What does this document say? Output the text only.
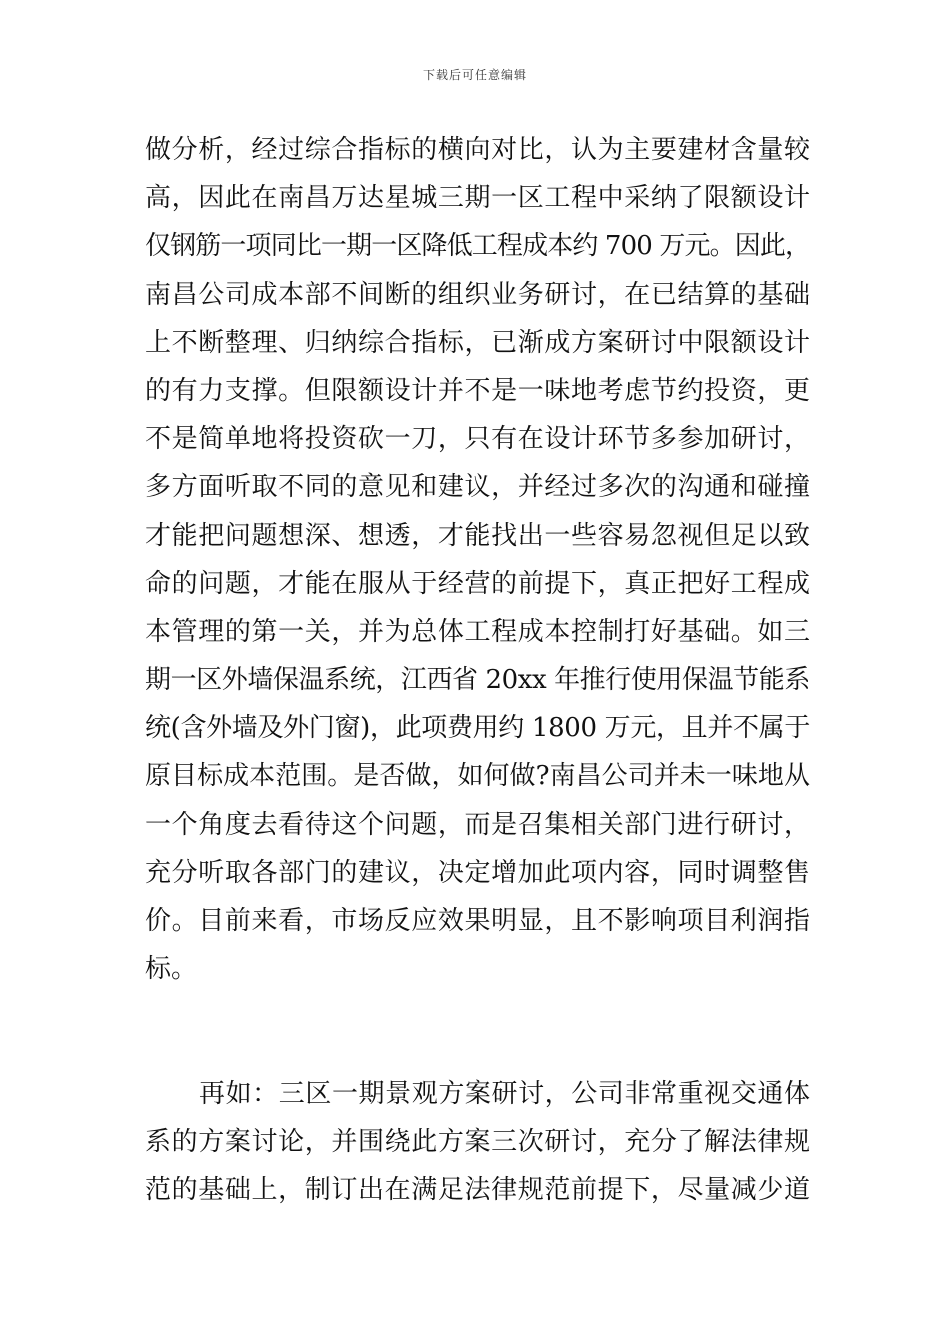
下载后可任意编辑
做分析，经过综合指标的横向对比，认为主要建材含量较
高，因此在南昌万达星城三期一区工程中采纳了限额设计
仅钢筋一项同比一期一区降低工程成本约 700 万元。因此，
南昌公司成本部不间断的组织业务研讨，在已结算的基础
上不断整理、归纳综合指标，已渐成方案研讨中限额设计
的有力支撑。但限额设计并不是一味地考虑节约投资，更
不是简单地将投资砍一刀，只有在设计环节多参加研讨，
多方面听取不同的意见和建议，并经过多次的沟通和碰撞
才能把问题想深、想透，才能找出一些容易忽视但足以致
命的问题，才能在服从于经营的前提下，真正把好工程成
本管理的第一关，并为总体工程成本控制打好基础。如三
期一区外墙保温系统，江西省 20xx 年推行使用保温节能系
统(含外墙及外门窗)，此项费用约 1800 万元，且并不属于
原目标成本范围。是否做，如何做?南昌公司并未一味地从
一个角度去看待这个问题，而是召集相关部门进行研讨，
充分听取各部门的建议，决定增加此项内容，同时调整售
价。目前来看，市场反应效果明显，且不影响项目利润指
标。
再如：三区一期景观方案研讨，公司非常重视交通体
系的方案讨论，并围绕此方案三次研讨，充分了解法律规
范的基础上，制订出在满足法律规范前提下，尽量减少道
